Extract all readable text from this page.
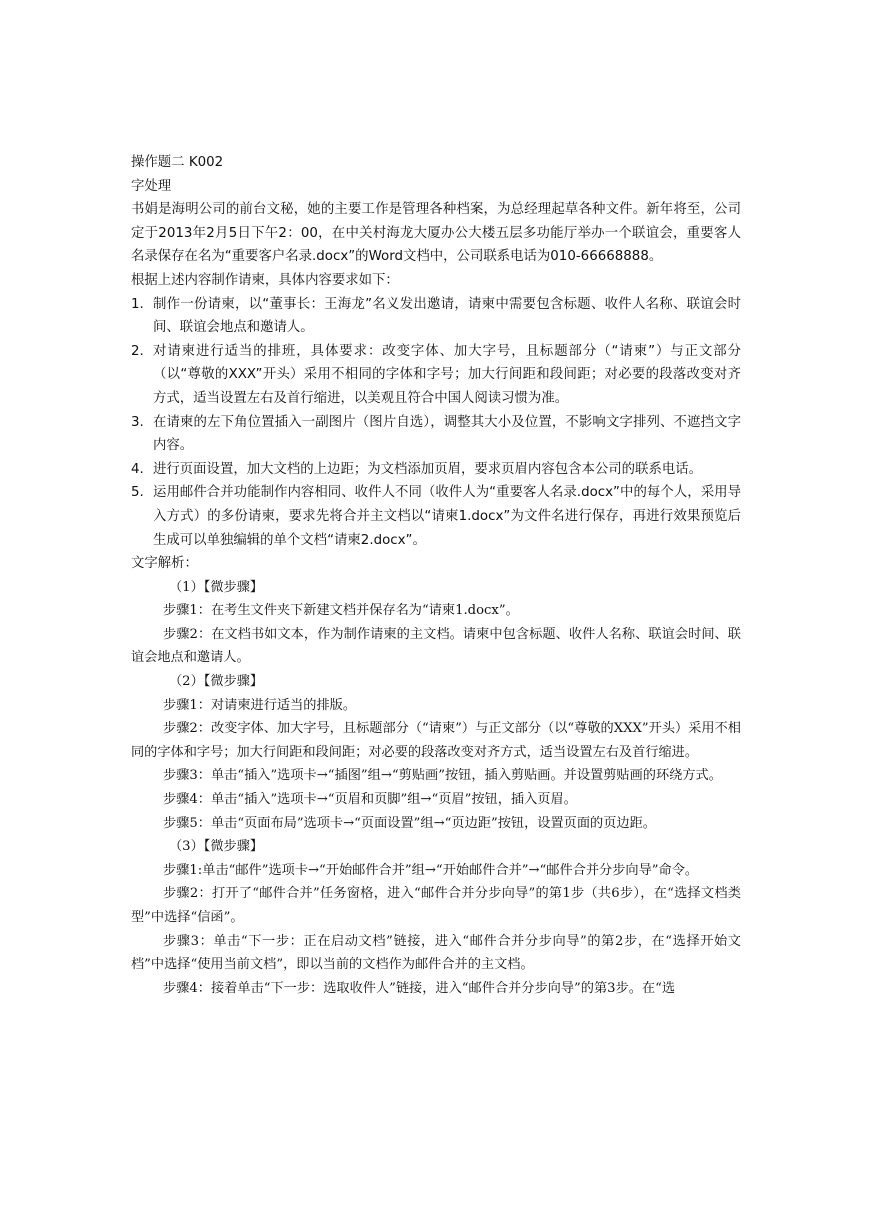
操作题二 K002
字处理
书娟是海明公司的前台文秘，她的主要工作是管理各种档案，为总经理起草各种文件。新年将至，公司定于2013年2月5日下午2：00，在中关村海龙大厦办公大楼五层多功能厅举办一个联谊会，重要客人名录保存在名为“重要客户名录.docx”的Word文档中，公司联系电话为010-66668888。
根据上述内容制作请柬，具体内容要求如下：
1. 制作一份请柬，以“董事长：王海龙”名义发出邀请，请柬中需要包含标题、收件人名称、联谊会时间、联谊会地点和邀请人。
2. 对请柬进行适当的排班，具体要求：改变字体、加大字号，且标题部分（“请柬”）与正文部分（以“尊敬的XXX”开头）采用不相同的字体和字号；加大行间距和段间距；对必要的段落改变对齐方式，适当设置左右及首行缩进，以美观且符合中国人阅读习惯为准。
3. 在请柬的左下角位置插入一副图片（图片自选），调整其大小及位置，不影响文字排列、不遮挡文字内容。
4. 进行页面设置，加大文档的上边距；为文档添加页眉，要求页眉内容包含本公司的联系电话。
5. 运用邮件合并功能制作内容相同、收件人不同（收件人为“重要客人名录.docx”中的每个人，采用导入方式）的多份请柬，要求先将合并主文档以“请柬1.docx”为文件名进行保存，再进行效果预览后生成可以单独编辑的单个文档“请柬2.docx”。
文字解析：
（1）【微步骤】
步骤1：在考生文件夹下新建文档并保存名为“请柬1.docx”。
步骤2：在文档书如文本，作为制作请柬的主文档。请柬中包含标题、收件人名称、联谊会时间、联谊会地点和邀请人。
（2）【微步骤】
步骤1：对请柬进行适当的排版。
步骤2：改变字体、加大字号，且标题部分（“请柬”）与正文部分（以“尊敬的XXX”开头）采用不相同的字体和字号；加大行间距和段间距；对必要的段落改变对齐方式，适当设置左右及首行缩进。
步骤3：单击“插入”选项卡→“插图”组→“剪贴画”按钮，插入剪贴画。并设置剪贴画的环绕方式。
步骤4：单击“插入”选项卡→“页眉和页脚”组→“页眉”按钮，插入页眉。
步骤5：单击“页面布局”选项卡→“页面设置”组→“页边距”按钮，设置页面的页边距。
（3）【微步骤】
步骤1:单击“邮件”选项卡→“开始邮件合并”组→“开始邮件合并”→“邮件合并分步向导”命令。
步骤2：打开了“邮件合并”任务窗格，进入“邮件合并分步向导”的第1步（共6步），在“选择文档类型”中选择“信函”。
步骤3：单击“下一步：正在启动文档”链接，进入“邮件合并分步向导”的第2步，在“选择开始文档”中选择“使用当前文档”，即以当前的文档作为邮件合并的主文档。
步骤4：接着单击“下一步：选取收件人”链接，进入“邮件合并分步向导”的第3步。在“选
